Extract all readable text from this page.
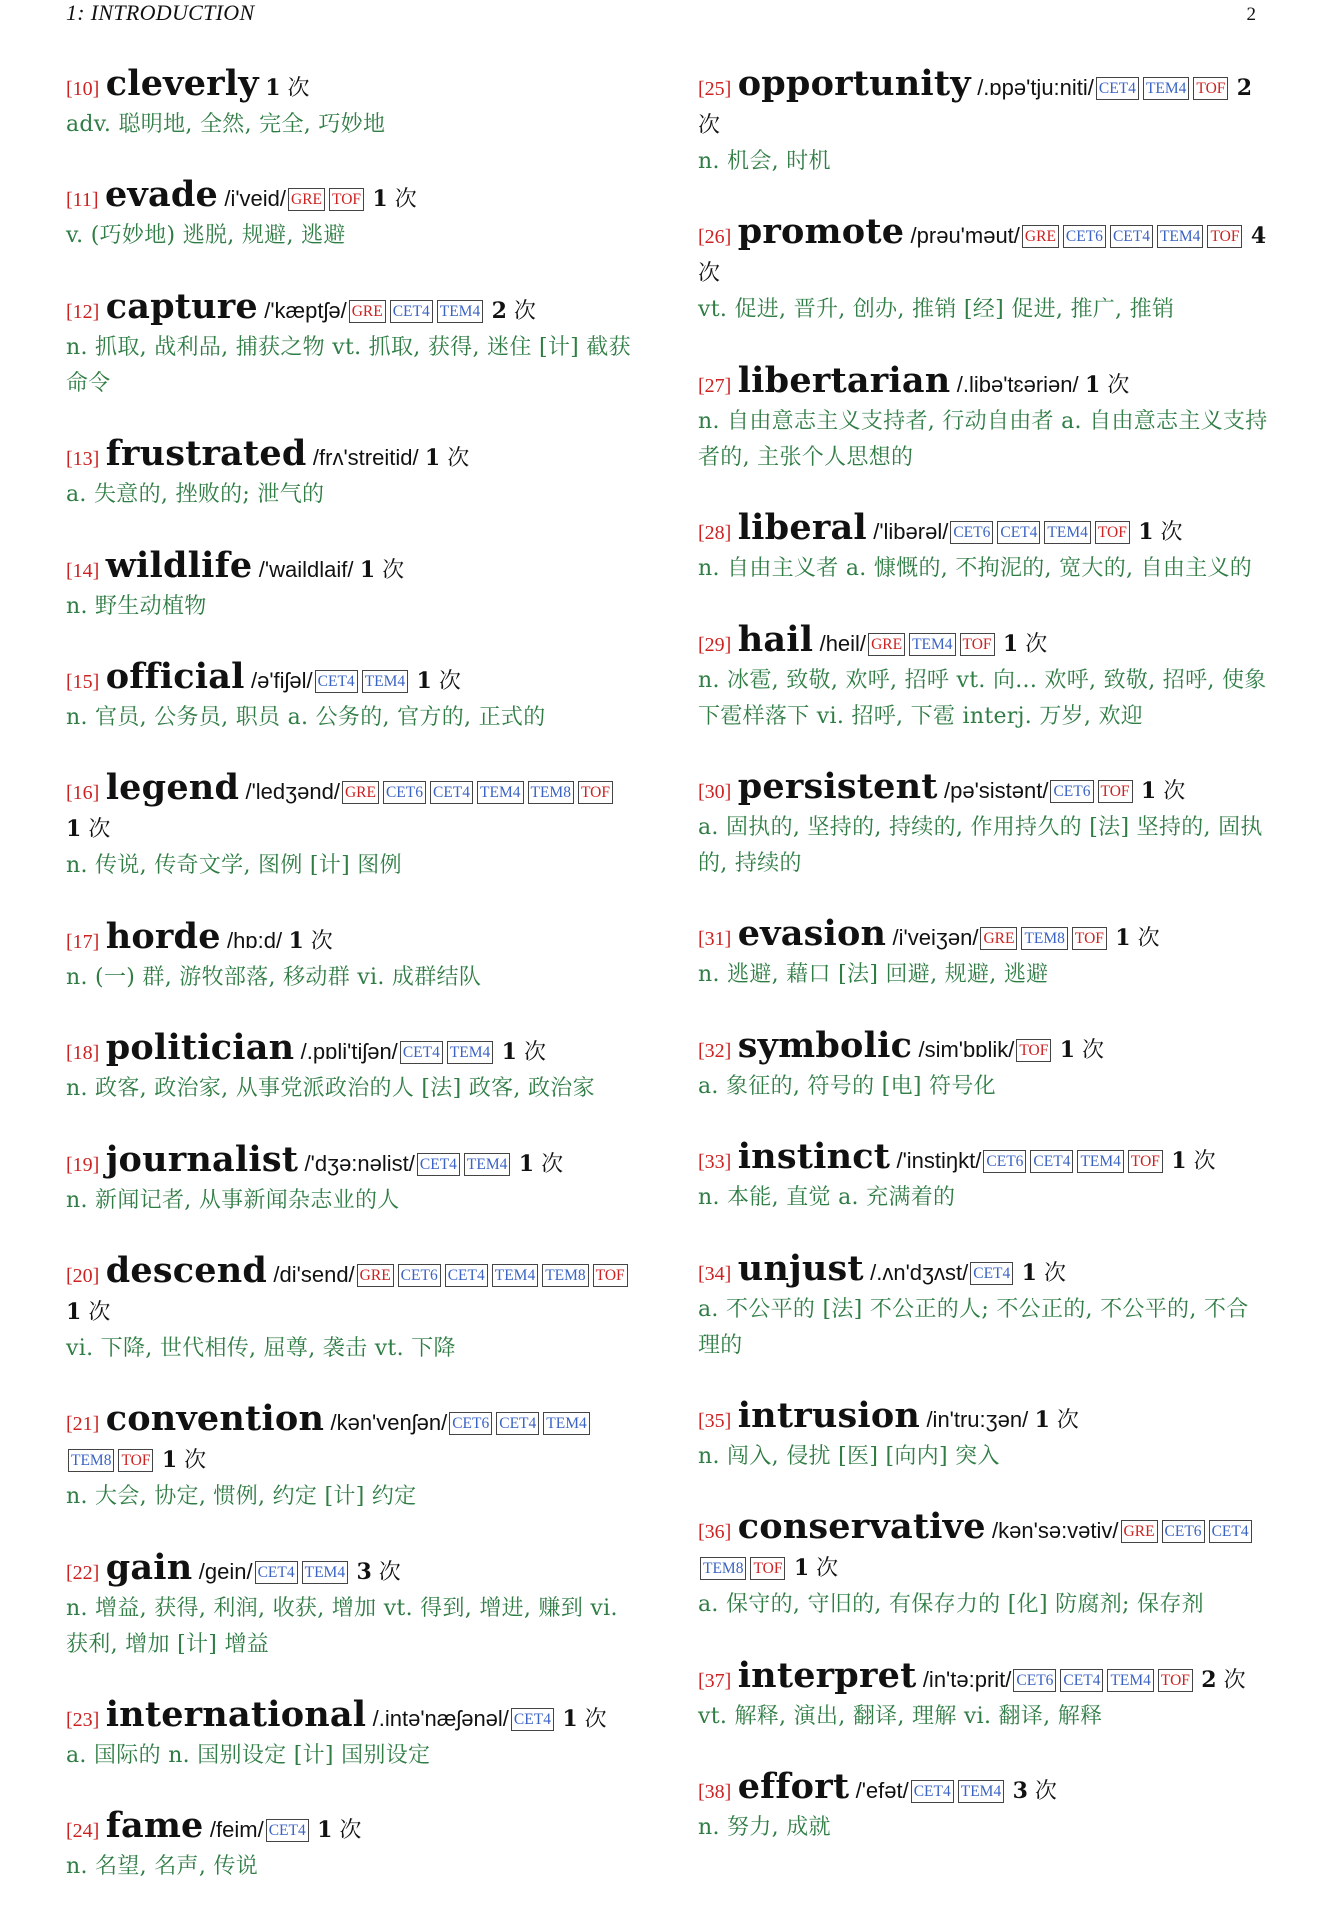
1: INTRODUCTION	2
[10] cleverly 1 次
adv. 聪明地, 全然, 完全, 巧妙地
[11] evade /i'veid/ GRE TOF 1 次
v. (巧妙地) 逃脱, 规避, 逃避
[12] capture /'kæptʃə/ GRE CET4 TEM4 2 次
n. 抓取, 战利品, 捕获之物 vt. 抓取, 获得, 迷住 [计] 截获命令
[13] frustrated /frʌ'streitid/ 1 次
a. 失意的, 挫败的; 泄气的
[14] wildlife /'waildlaif/ 1 次
n. 野生动植物
[15] official /ə'fiʃəl/ CET4 TEM4 1 次
n. 官员, 公务员, 职员 a. 公务的, 官方的, 正式的
[16] legend /'ledʒənd/ GRE CET6 CET4 TEM4 TEM8 TOF 1 次
n. 传说, 传奇文学, 图例 [计] 图例
[17] horde /hɒ:d/ 1 次
n. (一) 群, 游牧部落, 移动群 vi. 成群结队
[18] politician /.pɒli'tiʃən/ CET4 TEM4 1 次
n. 政客, 政治家, 从事党派政治的人 [法] 政客, 政治家
[19] journalist /'dʒə:nəlist/ CET4 TEM4 1 次
n. 新闻记者, 从事新闻杂志业的人
[20] descend /di'send/ GRE CET6 CET4 TEM4 TEM8 TOF 1 次
vi. 下降, 世代相传, 屈尊, 袭击 vt. 下降
[21] convention /kən'venʃən/ CET6 CET4 TEM4TEM8 TOF 1 次
n. 大会, 协定, 惯例, 约定 [计] 约定
[22] gain /gein/ CET4 TEM4 3 次
n. 增益, 获得, 利润, 收获, 增加 vt. 得到, 增进, 赚到 vi. 获利, 增加 [计] 增益
[23] international /.intə'næʃənəl/ CET4 1 次
a. 国际的 n. 国别设定 [计] 国别设定
[24] fame /feim/ CET4 1 次
n. 名望, 名声, 传说
[25] opportunity /.ɒpə'tju:niti/ CET4 TEM4 TOF 2 次
n. 机会, 时机
[26] promote /prəu'məut/ GRE CET6 CET4 TEM4 TOF 4 次
vt. 促进, 晋升, 创办, 推销 [经] 促进, 推广, 推销
[27] libertarian /.libə'tɛəriən/ 1 次
n. 自由意志主义支持者, 行动自由者 a. 自由意志主义支持者的, 主张个人思想的
[28] liberal /'libərəl/ CET6 CET4 TEM4 TOF 1 次
n. 自由主义者 a. 慷慨的, 不拘泥的, 宽大的, 自由主义的
[29] hail /heil/ GRE TEM4 TOF 1 次
n. 冰雹, 致敬, 欢呼, 招呼 vt. 向... 欢呼, 致敬, 招呼, 使象下雹样落下 vi. 招呼, 下雹 interj. 万岁, 欢迎
[30] persistent /pə'sistənt/ CET6 TOF 1 次
a. 固执的, 坚持的, 持续的, 作用持久的 [法] 坚持的, 固执的, 持续的
[31] evasion /i'veiʒən/ GRE TEM8 TOF 1 次
n. 逃避, 藉口 [法] 回避, 规避, 逃避
[32] symbolic /sim'bɒlik/ TOF 1 次
a. 象征的, 符号的 [电] 符号化
[33] instinct /'instiŋkt/ CET6 CET4 TEM4 TOF 1 次
n. 本能, 直觉 a. 充满着的
[34] unjust /.ʌn'dʒʌst/ CET4 1 次
a. 不公平的 [法] 不公正的人; 不公正的, 不公平的, 不合理的
[35] intrusion /in'tru:ʒən/ 1 次
n. 闯入, 侵扰 [医] [向内] 突入
[36] conservative /kən'sə:vətiv/ GRE CET6 CET4TEM8 TOF 1 次
a. 保守的, 守旧的, 有保存力的 [化] 防腐剂; 保存剂
[37] interpret /in'tə:prit/ CET6 CET4 TEM4 TOF 2 次
vt. 解释, 演出, 翻译, 理解 vi. 翻译, 解释
[38] effort /'efət/ CET4 TEM4 3 次
n. 努力, 成就
